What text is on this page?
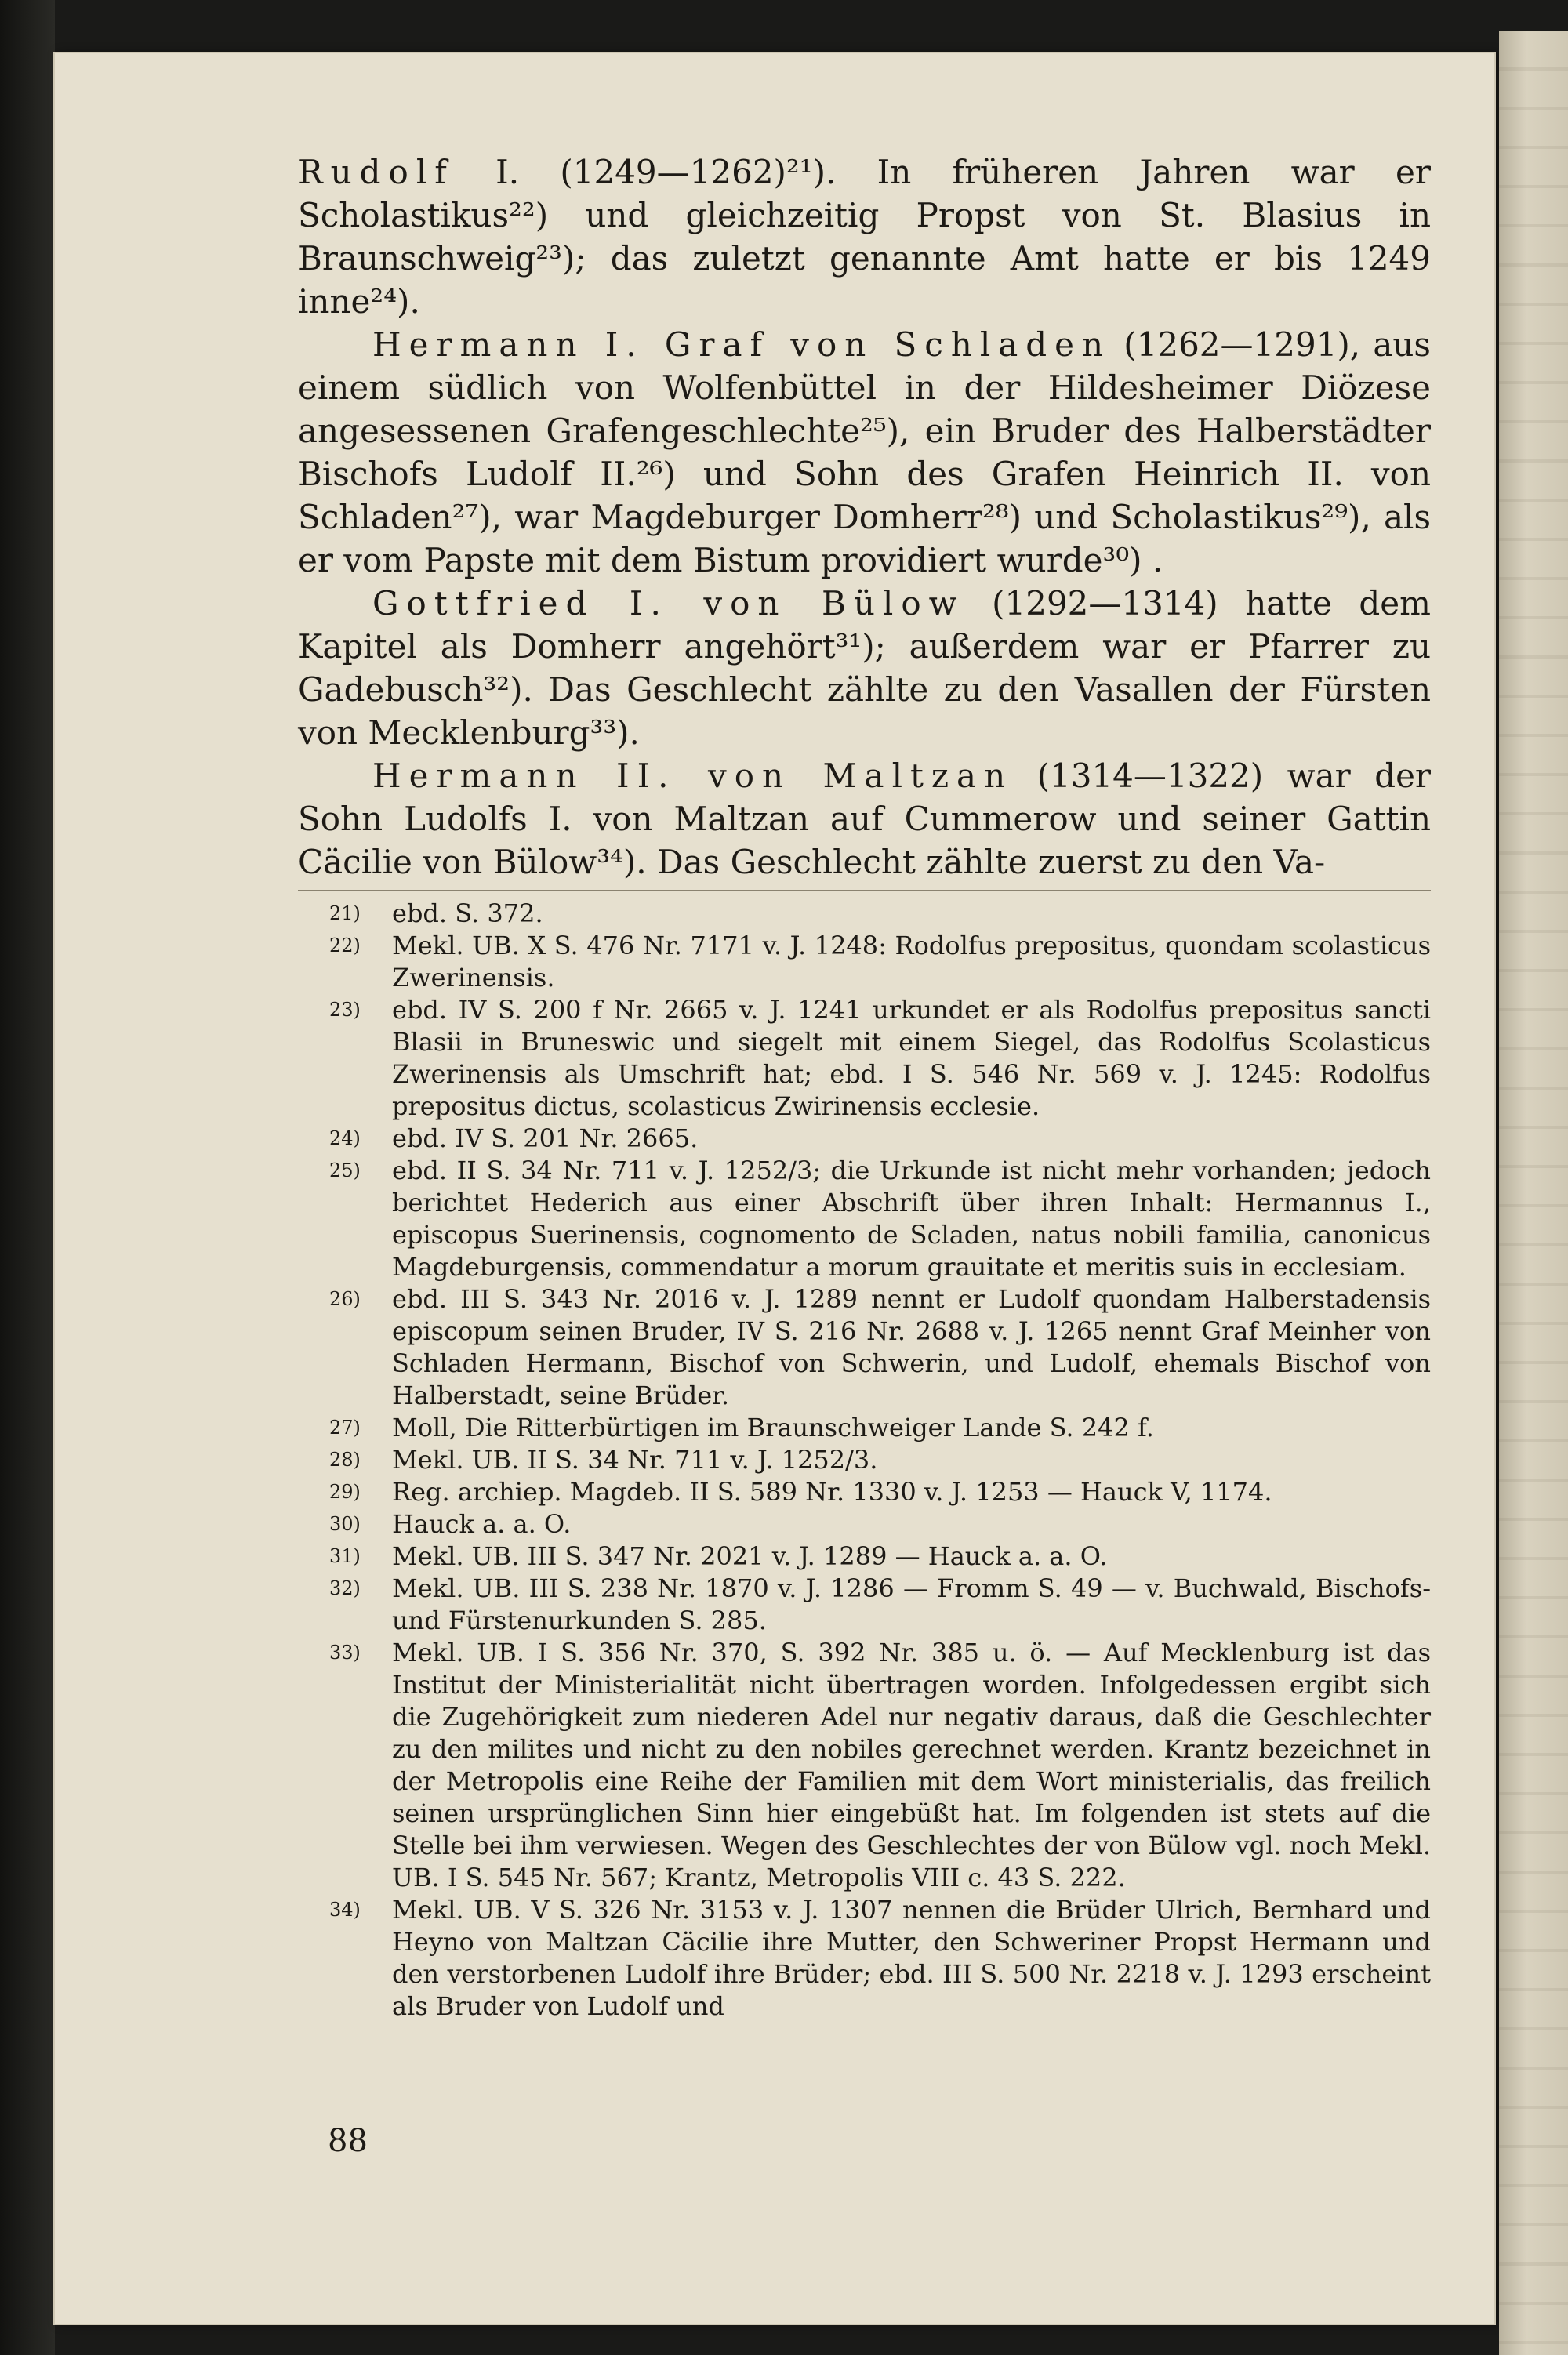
Rudolf I. (1249—1262)²¹). In früheren Jahren war er Scholastikus²²) und gleichzeitig Propst von St. Blasius in Braunschweig²³); das zuletzt genannte Amt hatte er bis 1249 inne²⁴).

Hermann I. Graf von Schladen (1262—1291), aus einem südlich von Wolfenbüttel in der Hildesheimer Diözese angesessenen Grafengeschlechte²⁵), ein Bruder des Halberstädter Bischofs Ludolf II.²⁶) und Sohn des Grafen Heinrich II. von Schladen²⁷), war Magdeburger Domherr²⁸) und Scholastikus²⁹), als er vom Papste mit dem Bistum providiert wurde³⁰) .

Gottfried I. von Bülow (1292—1314) hatte dem Kapitel als Domherr angehört³¹); außerdem war er Pfarrer zu Gadebusch³²). Das Geschlecht zählte zu den Vasallen der Fürsten von Mecklenburg³³).

Hermann II. von Maltzan (1314—1322) war der Sohn Ludolfs I. von Maltzan auf Cummerow und seiner Gattin Cäcilie von Bülow³⁴). Das Geschlecht zählte zuerst zu den Va-

21)	ebd. S. 372.

22)	Mekl. UB. X S. 476 Nr. 7171 v. J. 1248: Rodolfus prepositus, quondam scolasticus Zwerinensis.

23)	ebd. IV S. 200 f Nr. 2665 v. J. 1241 urkundet er als Rodolfus prepositus sancti Blasii in Bruneswic und siegelt mit einem Siegel, das Rodolfus Scolasticus Zwerinensis als Umschrift hat; ebd. I S. 546 Nr. 569 v. J. 1245: Rodolfus prepositus dictus, scolasticus Zwirinensis ecclesie.

24)	ebd. IV S. 201 Nr. 2665.

25)	ebd. II S. 34 Nr. 711 v. J. 1252/3; die Urkunde ist nicht mehr vorhanden; jedoch berichtet Hederich aus einer Abschrift über ihren Inhalt: Hermannus I., episcopus Suerinensis, cognomento de Scladen, natus nobili familia, canonicus Magdeburgensis, commendatur a morum grauitate et meritis suis in ecclesiam.

26)	ebd. III S. 343 Nr. 2016 v. J. 1289 nennt er Ludolf quondam Halberstadensis episcopum seinen Bruder, IV S. 216 Nr. 2688 v. J. 1265 nennt Graf Meinher von Schladen Hermann, Bischof von Schwerin, und Ludolf, ehemals Bischof von Halberstadt, seine Brüder.

27)	Moll, Die Ritterbürtigen im Braunschweiger Lande S. 242 f.

28)	Mekl. UB. II S. 34 Nr. 711 v. J. 1252/3.

29)	Reg. archiep. Magdeb. II S. 589 Nr. 1330 v. J. 1253 — Hauck V, 1174.

30)	Hauck a. a. O.

31)	Mekl. UB. III S. 347 Nr. 2021 v. J. 1289 — Hauck a. a. O.

32)	Mekl. UB. III S. 238 Nr. 1870 v. J. 1286 — Fromm S. 49 — v. Buchwald, Bischofs- und Fürstenurkunden S. 285.

33)	Mekl. UB. I S. 356 Nr. 370, S. 392 Nr. 385 u. ö. — Auf Mecklenburg ist das Institut der Ministerialität nicht übertragen worden. Infolgedessen ergibt sich die Zugehörigkeit zum niederen Adel nur negativ daraus, daß die Geschlechter zu den milites und nicht zu den nobiles gerechnet werden. Krantz bezeichnet in der Metropolis eine Reihe der Familien mit dem Wort ministerialis, das freilich seinen ursprünglichen Sinn hier eingebüßt hat. Im folgenden ist stets auf die Stelle bei ihm verwiesen. Wegen des Geschlechtes der von Bülow vgl. noch Mekl. UB. I S. 545 Nr. 567; Krantz, Metropolis VIII c. 43 S. 222.

34)	Mekl. UB. V S. 326 Nr. 3153 v. J. 1307 nennen die Brüder Ulrich, Bernhard und Heyno von Maltzan Cäcilie ihre Mutter, den Schweriner Propst Hermann und den verstorbenen Ludolf ihre Brüder; ebd. III S. 500 Nr. 2218 v. J. 1293 erscheint als Bruder von Ludolf und

88
